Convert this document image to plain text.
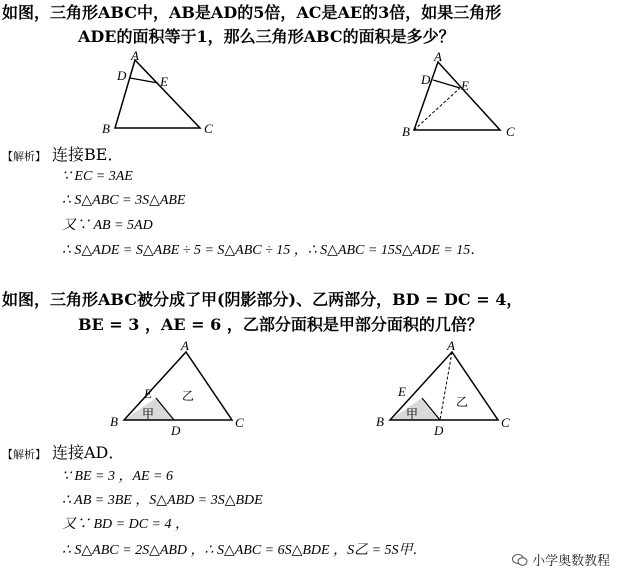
如图，三角形ABC中，AB是AD的5倍，AC是AE的3倍，如果三角形
ADE的面积等于1，那么三角形ABC的面积是多少？
A
D	E
B	C
A
D E
B	C
【解析】 连接BE．
∵ EC = 3AE
∴ S△ABC = 3S△ABE
又∵ AB = 5AD
∴ S△ADE = S△ABE ÷ 5 = S△ABC ÷ 15 ，∴ S△ABC = 15S△ADE = 15．
如图，三角形ABC被分成了甲(阴影部分)、乙两部分，BD = DC = 4，
BE = 3 ，AE = 6 ，乙部分面积是甲部分面积的几倍？
A
E
B
D
C
甲
乙
A
E
B
D
C
甲
乙
【解析】 连接AD．
∵ BE = 3 ，AE = 6
∴ AB = 3BE ，S△ABD = 3S△BDE
又∵ BD = DC = 4 ，
∴ S△ABC = 2S△ABD ，∴ S△ABC = 6S△BDE ，S乙 = 5S甲．
小学奥数教程
